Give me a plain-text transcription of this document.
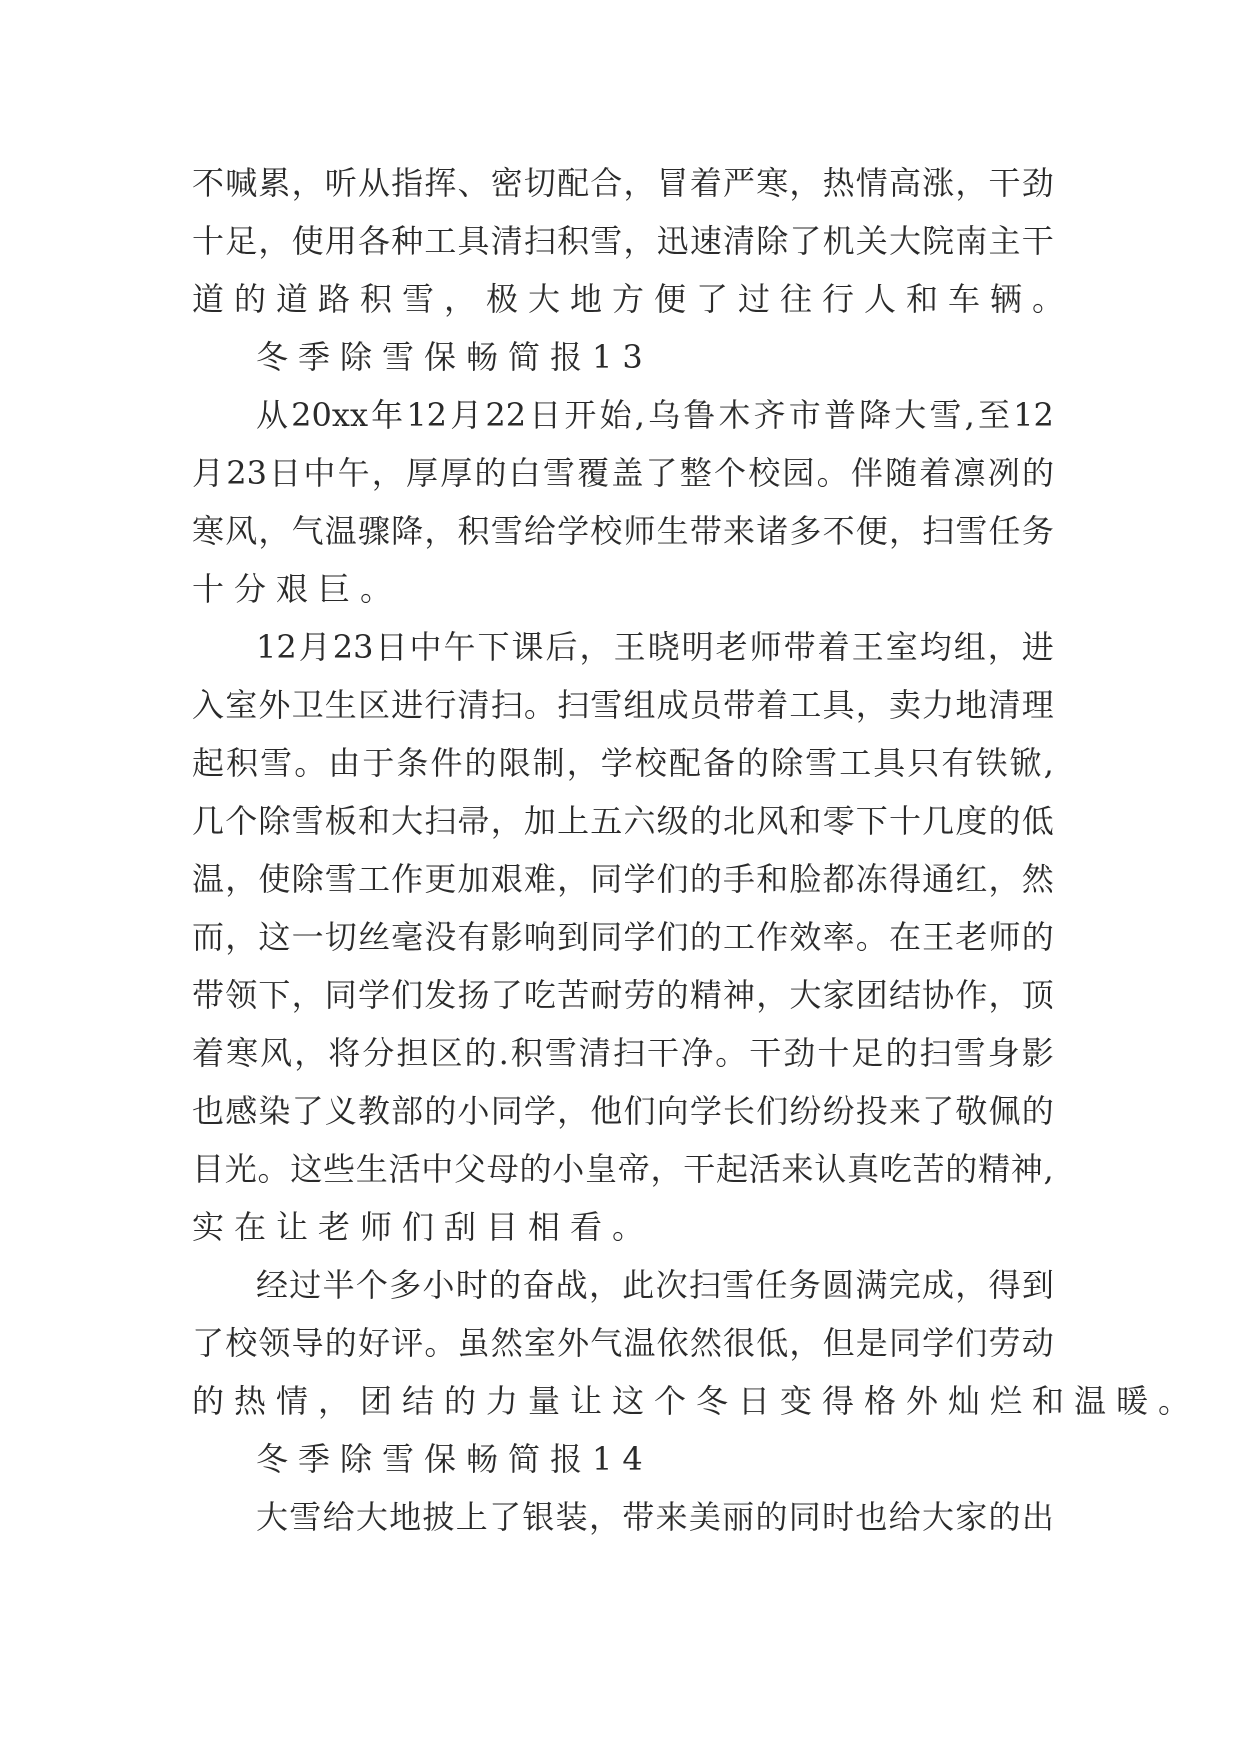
不 喊 累 ， 听 从 指 挥 、 密 切 配 合 ， 冒 着 严 寒 ， 热 情 高 涨 ， 干 劲
十 足 ， 使 用 各 种 工 具 清 扫 积 雪 ， 迅 速 清 除 了 机 关 大 院 南 主 干
道的道路积雪，极大地方便了过往行人和车辆。
冬季除雪保畅简报13
从 20xx 年 12 月 22 日 开 始 , 乌 鲁 木 齐 市 普 降 大 雪 , 至 12
月 23 日 中 午 ， 厚 厚 的 白 雪 覆 盖 了 整 个 校 园 。 伴 随 着 凛 冽 的
寒 风 ， 气 温 骤 降 ， 积 雪 给 学 校 师 生 带 来 诸 多 不 便 ， 扫 雪 任 务
十分艰巨。
12 月 23 日 中 午 下 课 后 ， 王 晓 明 老 师 带 着 王 室 均 组 ， 进
入 室 外 卫 生 区 进 行 清 扫 。 扫 雪 组 成 员 带 着 工 具 ， 卖 力 地 清 理
起 积 雪 。 由 于 条 件 的 限 制 ， 学 校 配 备 的 除 雪 工 具 只 有 铁 锨 ,
几 个 除 雪 板 和 大 扫 帚 ， 加 上 五 六 级 的 北 风 和 零 下 十 几 度 的 低
温 ， 使 除 雪 工 作 更 加 艰 难 ， 同 学 们 的 手 和 脸 都 冻 得 通 红 ， 然
而 ， 这 一 切 丝 毫 没 有 影 响 到 同 学 们 的 工 作 效 率 。 在 王 老 师 的
带 领 下 ， 同 学 们 发 扬 了 吃 苦 耐 劳 的 精 神 ， 大 家 团 结 协 作 ， 顶
着 寒 风 ， 将 分 担 区 的 . 积 雪 清 扫 干 净 。 干 劲 十 足 的 扫 雪 身 影
也 感 染 了 义 教 部 的 小 同 学 ， 他 们 向 学 长 们 纷 纷 投 来 了 敬 佩 的
目 光 。 这 些 生 活 中 父 母 的 小 皇 帝 ， 干 起 活 来 认 真 吃 苦 的 精 神 ,
实在让老师们刮目相看。
经 过 半 个 多 小 时 的 奋 战 ， 此 次 扫 雪 任 务 圆 满 完 成 ， 得 到
了 校 领 导 的 好 评 。 虽 然 室 外 气 温 依 然 很 低 ， 但 是 同 学 们 劳 动
的热情，团结的力量让这个冬日变得格外灿烂和温暖。
冬季除雪保畅简报14
大 雪 给 大 地 披 上 了 银 装 ， 带 来 美 丽 的 同 时 也 给 大 家 的 出
